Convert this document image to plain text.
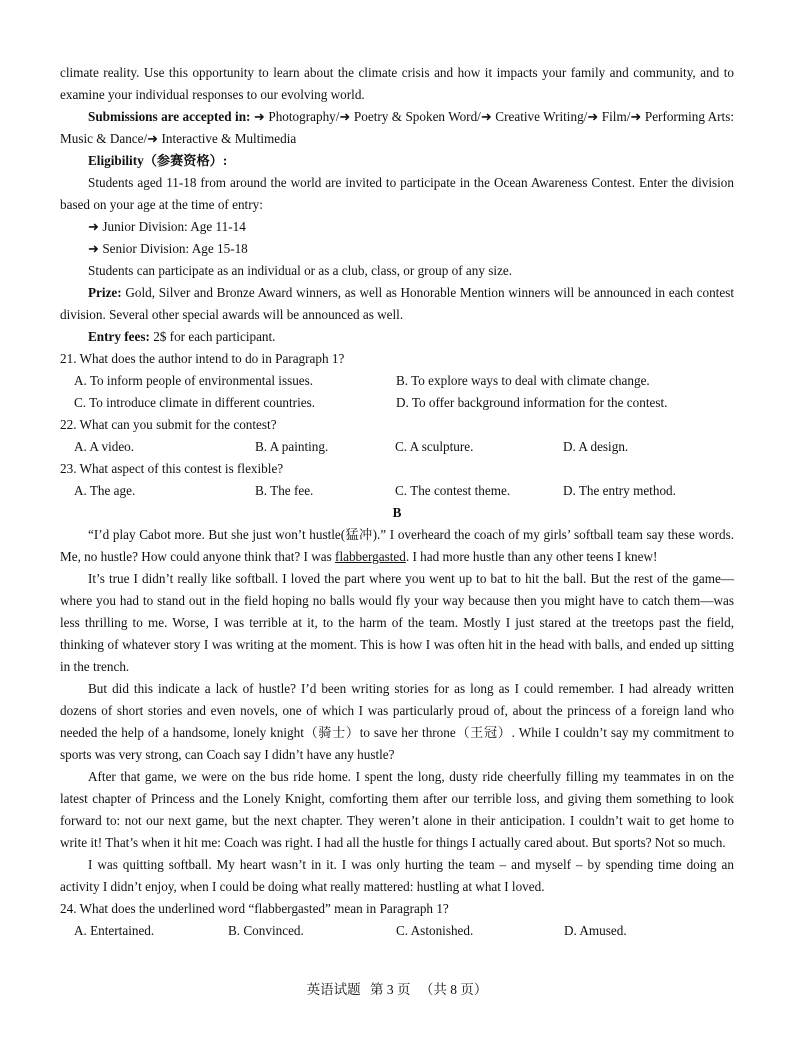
climate reality. Use this opportunity to learn about the climate crisis and how it impacts your family and community, and to examine your individual responses to our evolving world.

Submissions are accepted in: ➜ Photography/➜ Poetry & Spoken Word/➜ Creative Writing/➜ Film/➜ Performing Arts: Music & Dance/➜ Interactive & Multimedia

Eligibility（参赛资格）:

Students aged 11-18 from around the world are invited to participate in the Ocean Awareness Contest. Enter the division based on your age at the time of entry:

➜ Junior Division: Age 11-14

➜ Senior Division: Age 15-18

Students can participate as an individual or as a club, class, or group of any size.

Prize: Gold, Silver and Bronze Award winners, as well as Honorable Mention winners will be announced in each contest division. Several other special awards will be announced as well.

Entry fees: 2$ for each participant.

21. What does the author intend to do in Paragraph 1?

A. To inform people of environmental issues.	B. To explore ways to deal with climate change.
C. To introduce climate in different countries.	D. To offer background information for the contest.

22. What can you submit for the contest?

A. A video.	B. A painting.	C. A sculpture.	D. A design.

23. What aspect of this contest is flexible?

A. The age.	B. The fee.	C. The contest theme.	D. The entry method.
B

“I’d play Cabot more. But she just won’t hustle(猛冲).” I overheard the coach of my girls’ softball team say these words. Me, no hustle? How could anyone think that? I was flabbergasted. I had more hustle than any other teens I knew!

It’s true I didn’t really like softball. I loved the part where you went up to bat to hit the ball. But the rest of the game—where you had to stand out in the field hoping no balls would fly your way because then you might have to catch them—was less thrilling to me. Worse, I was terrible at it, to the harm of the team. Mostly I just stared at the treetops past the field, thinking of whatever story I was writing at the moment. This is how I was often hit in the head with balls, and ended up sitting in the trench.

But did this indicate a lack of hustle? I’d been writing stories for as long as I could remember. I had already written dozens of short stories and even novels, one of which I was particularly proud of, about the princess of a foreign land who needed the help of a handsome, lonely knight（骑士）to save her throne（王冠）. While I couldn’t say my commitment to sports was very strong, can Coach say I didn’t have any hustle?

After that game, we were on the bus ride home. I spent the long, dusty ride cheerfully filling my teammates in on the latest chapter of Princess and the Lonely Knight, comforting them after our terrible loss, and giving them something to look forward to: not our next game, but the next chapter. They weren’t alone in their anticipation. I couldn’t wait to get home to write it! That’s when it hit me: Coach was right. I had all the hustle for things I actually cared about. But sports? Not so much.

I was quitting softball. My heart wasn’t in it. I was only hurting the team – and myself – by spending time doing an activity I didn’t enjoy, when I could be doing what really mattered: hustling at what I loved.

24. What does the underlined word “flabbergasted” mean in Paragraph 1?

A. Entertained.	B. Convinced.	C. Astonished.	D. Amused.
英语试题 第 3 页 （共 8 页）
